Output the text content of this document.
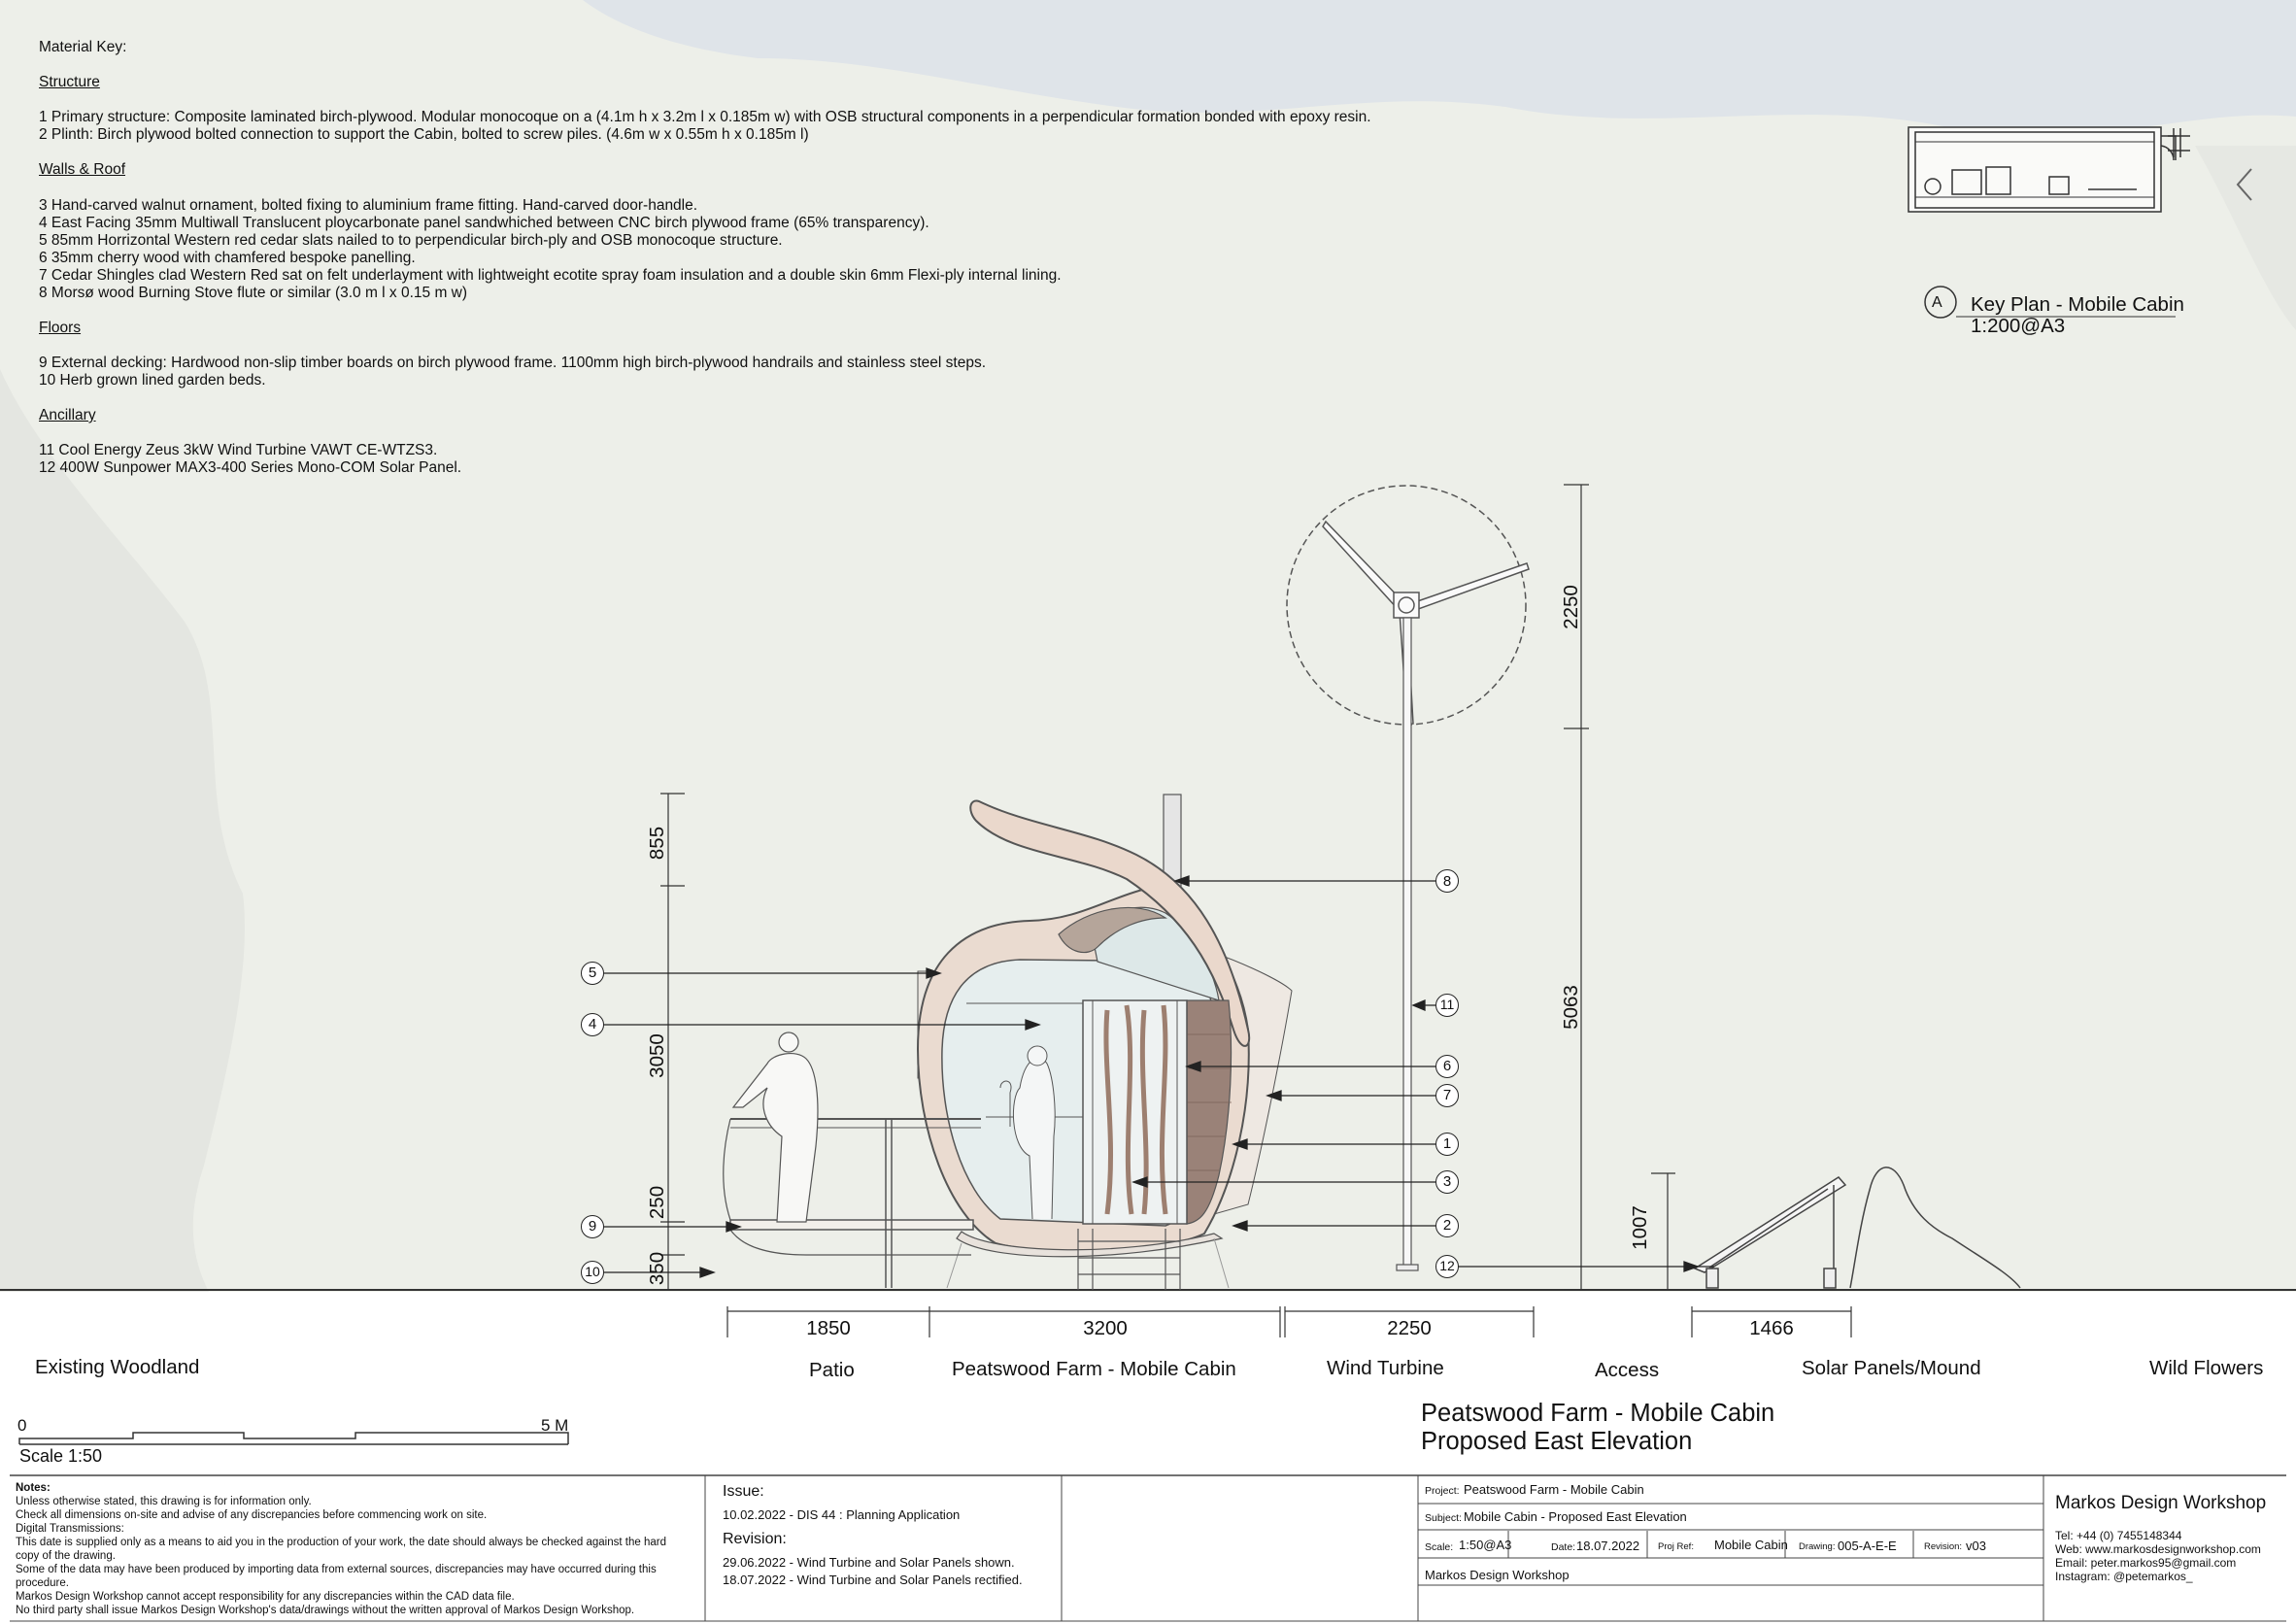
Material Key:
Structure
1 Primary structure: Composite laminated birch-plywood. Modular monocoque on a (4.1m h x 3.2m l x 0.185m w) with OSB structural components in a perpendicular formation bonded with epoxy resin.
2 Plinth: Birch plywood bolted connection to support the Cabin, bolted to screw piles. (4.6m w x 0.55m h x 0.185m l)
Walls & Roof
3 Hand-carved walnut ornament, bolted fixing to aluminium frame fitting. Hand-carved door-handle.
4 East Facing 35mm Multiwall Translucent ploycarbonate panel sandwhiched between CNC birch plywood frame (65% transparency).
5 85mm Horrizontal Western red cedar slats nailed to to perpendicular birch-ply and OSB monocoque structure.
6 35mm cherry wood with chamfered bespoke panelling.
7 Cedar Shingles clad Western Red sat on felt underlayment with lightweight ecotite spray foam insulation and a double skin 6mm Flexi-ply internal lining.
8 Morsø wood Burning Stove flute or similar (3.0 m l x 0.15 m w)
Floors
9 External decking: Hardwood non-slip timber boards on birch plywood frame. 1100mm high birch-plywood handrails and stainless steel steps.
10 Herb grown lined garden beds.
Ancillary
11 Cool Energy Zeus 3kW Wind Turbine VAWT CE-WTZS3.
12 400W Sunpower MAX3-400 Series Mono-COM Solar Panel.
A Key Plan - Mobile Cabin
1:200@A3
8
5
4
11
6
7
1
3
2
9
12
10
855
3050
250
350
2250
5063
1007
1850	3200	2250	1466
Existing Woodland	Patio	Peatswood Farm - Mobile Cabin	Wind Turbine	Access	Solar Panels/Mound	Wild Flowers
0	5 M
Scale 1:50
Peatswood Farm - Mobile Cabin
Proposed East Elevation
Notes:
Unless otherwise stated, this drawing is for information only.
Check all dimensions on-site and advise of any discrepancies before commencing work on site.
Digital Transmissions:
This date is supplied only as a means to aid you in the production of your work, the date should always be checked against the hard copy of the drawing.
Some of the data may have been produced by importing data from external sources, discrepancies may have occurred during this procedure.
Markos Design Workshop cannot accept responsibility for any discrepancies within the CAD data file.
No third party shall issue Markos Design Workshop's data/drawings without the written approval of Markos Design Workshop.
Issue:
10.02.2022 - DIS 44 : Planning Application
Revision:
29.06.2022 - Wind Turbine and Solar Panels shown.
18.07.2022 - Wind Turbine and Solar Panels rectified.
Project: Peatswood Farm - Mobile Cabin
Subject: Mobile Cabin - Proposed East Elevation
Scale: 1:50@A3	Date: 18.07.2022 Proj Ref: Mobile Cabin Drawing: 005-A-E-E	Revision: v03
Markos Design Workshop
Markos Design Workshop
Tel: +44 (0) 7455148344
Web: www.markosdesignworkshop.com
Email: peter.markos95@gmail.com
Instagram: @petemarkos_
